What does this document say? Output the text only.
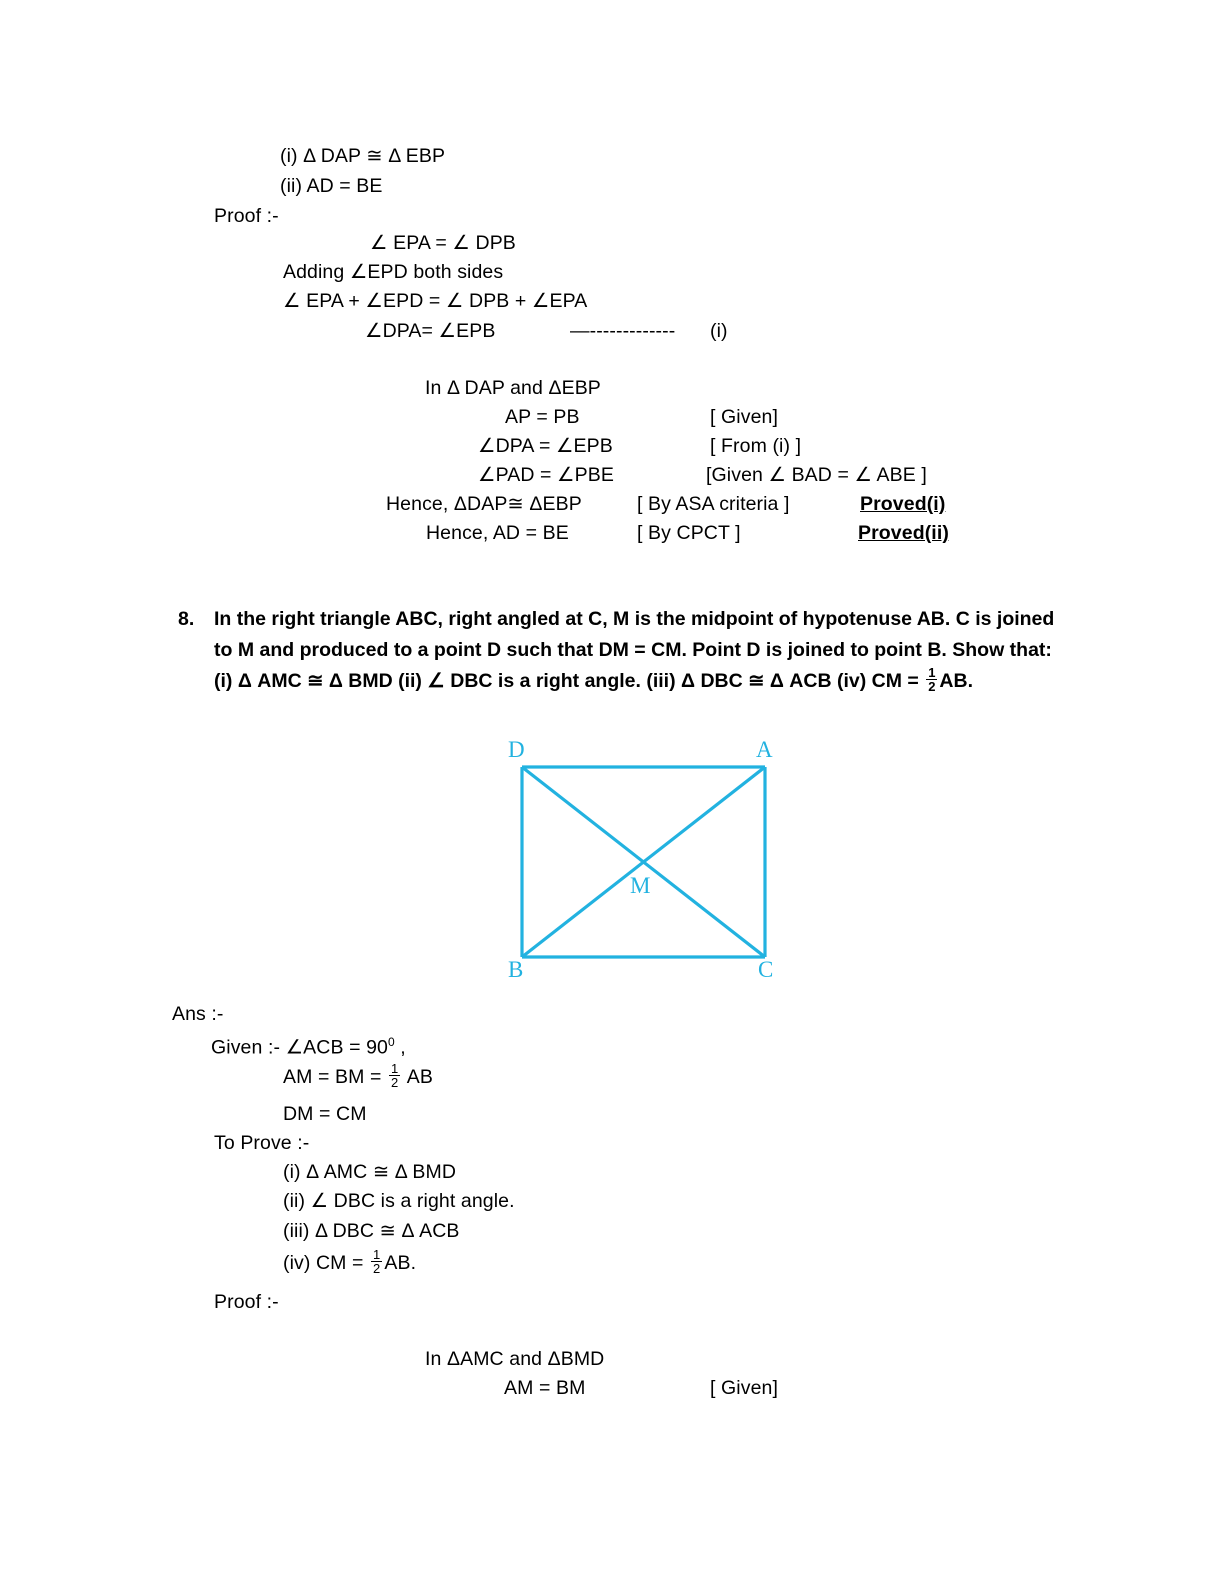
(i) Δ DAP ≅ Δ EBP
(ii) AD = BE
Proof :-
∠ EPA = ∠ DPB
Adding ∠EPD both sides
∠ EPA + ∠EPD = ∠ DPB + ∠EPA
∠DPA= ∠EPB	—------------- (i)
In Δ DAP and ΔEBP
AP = PB	[ Given]
∠DPA = ∠EPB	[ From (i) ]
∠PAD = ∠PBE	[Given ∠ BAD = ∠ ABE ]
Hence, ΔDAP≅ ΔEBP	[ By ASA criteria ]	Proved(i)
Hence, AD = BE	[ By CPCT ]	Proved(ii)
8.	In the right triangle ABC, right angled at C, M is the midpoint of hypotenuse AB. C is joined to M and produced to a point D such that DM = CM. Point D is joined to point B. Show that: (i) Δ AMC ≅ Δ BMD (ii) ∠ DBC is a right angle. (iii) Δ DBC ≅ Δ ACB (iv) CM = $\frac{1}{2}$ AB.
D	A
M
B	C
Ans :-
Given :- ∠ACB = $90^0$ ,
AM = BM = $\frac{1}{2}$ AB
DM = CM
To Prove :-
(i) Δ AMC ≅ Δ BMD
(ii) ∠ DBC is a right angle.
(iii) Δ DBC ≅ Δ ACB
(iv) CM = $\frac{1}{2}$ AB.
Proof :-
In ΔAMC and ΔBMD
AM = BM	[ Given]
